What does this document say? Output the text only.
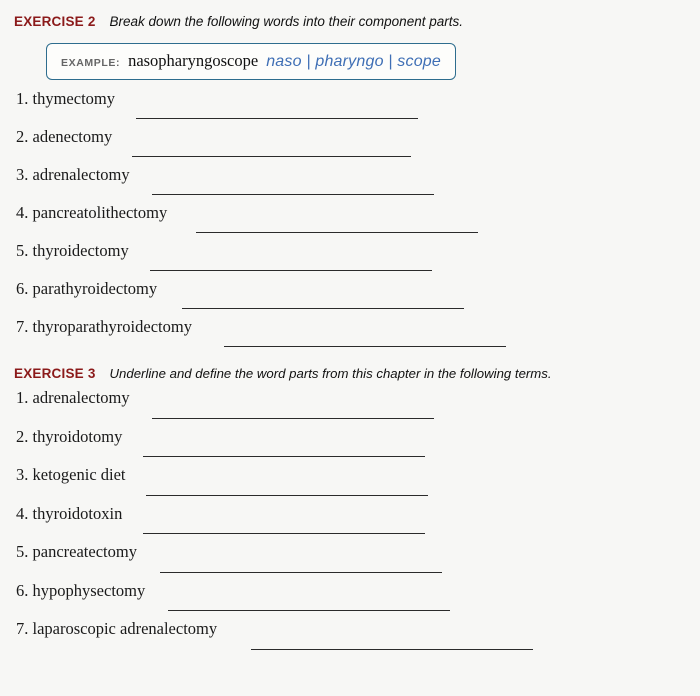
EXERCISE 2 Break down the following words into their component parts.
EXAMPLE: nasopharyngoscope naso | pharyngo | scope
1. thymectomy
2. adenectomy
3. adrenalectomy
4. pancreatolithectomy
5. thyroidectomy
6. parathyroidectomy
7. thyroparathyroidectomy
EXERCISE 3 Underline and define the word parts from this chapter in the following terms.
1. adrenalectomy
2. thyroidotomy
3. ketogenic diet
4. thyroidotoxin
5. pancreatectomy
6. hypophysectomy
7. laparoscopic adrenalectomy
